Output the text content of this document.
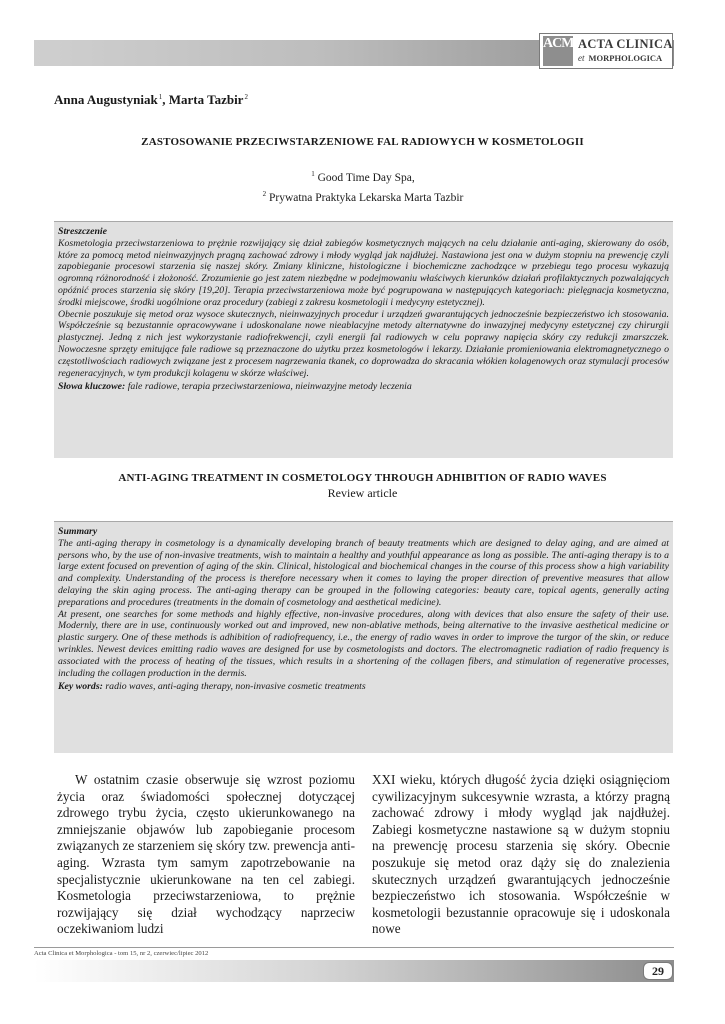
ACM ACTA CLINICA
et MORPHOLOGICA
Anna Augustyniak$^1$, Marta Tazbir$^2$
ZASTOSOWANIE PRZECIWSTARZENIOWE FAL RADIOWYCH W KOSMETOLOGII
$^1$ Good Time Day Spa,
$^2$ Prywatna Praktyka Lekarska Marta Tazbir

Streszczenie

Kosmetologia przeciwstarzeniowa to prężnie rozwijający się dział zabiegów kosmetycznych mających na celu działanie anti-aging, skierowany do osób, które za pomocą metod nieinwazyjnych pragną zachować zdrowy i młody wygląd jak najdłużej. Nastawiona jest ona w dużym stopniu na prewencję czyli zapobieganie procesowi starzenia się naszej skóry. Zmiany kliniczne, histologiczne i biochemiczne zachodzące w przebiegu tego procesu wykazują ogromną różnorodność i złożoność. Zrozumienie go jest zatem niezbędne w podejmowaniu właściwych kierunków działań profilaktycznych pozwalających opóźnić proces starzenia się skóry [19,20]. Terapia przeciwstarzeniowa może być pogrupowana w następujących kategoriach: pielęgnacja kosmetyczna, środki miejscowe, środki uogólnione oraz procedury (zabiegi z zakresu kosmetologii i medycyny estetycznej).

Obecnie poszukuje się metod oraz wysoce skutecznych, nieinwazyjnych procedur i urządzeń gwarantujących jednocześnie bezpieczeństwo ich stosowania. Współcześnie są bezustannie opracowywane i udoskonalane nowe nieablacyjne metody alternatywne do inwazyjnej medycyny estetycznej czy chirurgii plastycznej. Jedną z nich jest wykorzystanie radiofrekwencji, czyli energii fal radiowych w celu poprawy napięcia skóry czy redukcji zmarszczek. Nowoczesne sprzęty emitujące fale radiowe są przeznaczone do użytku przez kosmetologów i lekarzy. Działanie promieniowania elektromagnetycznego o częstotliwościach radiowych związane jest z procesem nagrzewania tkanek, co doprowadza do skracania włókien kolagenowych oraz stymulacji procesów regeneracyjnych, w tym produkcji kolagenu w skórze właściwej.

Słowa kluczowe: fale radiowe, terapia przeciwstarzeniowa, nieinwazyjne metody leczenia

ANTI-AGING TREATMENT IN COSMETOLOGY THROUGH ADHIBITION OF RADIO WAVES
Review article

Summary

The anti-aging therapy in cosmetology is a dynamically developing branch of beauty treatments which are designed to delay aging, and are aimed at persons who, by the use of non-invasive treatments, wish to maintain a healthy and youthful appearance as long as possible. The anti-aging therapy is to a large extent focused on prevention of aging of the skin. Clinical, histological and biochemical changes in the course of this process show a high variability and complexity. Understanding of the process is therefore necessary when it comes to laying the proper direction of preventive measures that allow delaying the skin aging process. The anti-aging therapy can be grouped in the following categories: beauty care, topical agents, generally acting preparations and procedures (treatments in the domain of cosmetology and aesthetical medicine).

At present, one searches for some methods and highly effective, non-invasive procedures, along with devices that also ensure the safety of their use. Modernly, there are in use, continuously worked out and improved, new non-ablative methods, being alternative to the invasive aesthetical medicine or plastic surgery. One of these methods is adhibition of radiofrequency, i.e., the energy of radio waves in order to improve the turgor of the skin, or reduce wrinkles. Newest devices emitting radio waves are designed for use by cosmetologists and doctors. The electromagnetic radiation of radio frequency is associated with the process of heating of the tissues, which results in a shortening of the collagen fibers, and stimulation of regenerative processes, including the collagen production in the dermis.

Key words: radio waves, anti-aging therapy, non-invasive cosmetic treatments

W ostatnim czasie obserwuje się wzrost poziomu życia oraz świadomości społecznej dotyczącej zdrowego trybu życia, często ukierunkowanego na zmniejszanie objawów lub zapobieganie procesom związanych ze starzeniem się skóry tzw. prewencja anti-aging. Wzrasta tym samym zapotrzebowanie na specjalistycznie ukierunkowane na ten cel zabiegi. Kosmetologia przeciwstarzeniowa, to prężnie rozwijający się dział wychodzący naprzeciw oczekiwaniom ludzi

XXI wieku, których długość życia dzięki osiągnięciom cywilizacyjnym sukcesywnie wzrasta, a którzy pragną zachować zdrowy i młody wygląd jak najdłużej. Zabiegi kosmetyczne nastawione są w dużym stopniu na prewencję procesu starzenia się skóry. Obecnie poszukuje się metod oraz dąży się do znalezienia skutecznych urządzeń gwarantujących jednocześnie bezpieczeństwo ich stosowania. Współcześnie w kosmetologii bezustannie opracowuje się i udoskonala nowe

Acta Clinica et Morphologica - tom 15, nr 2, czerwiec/lipiec 2012
29
